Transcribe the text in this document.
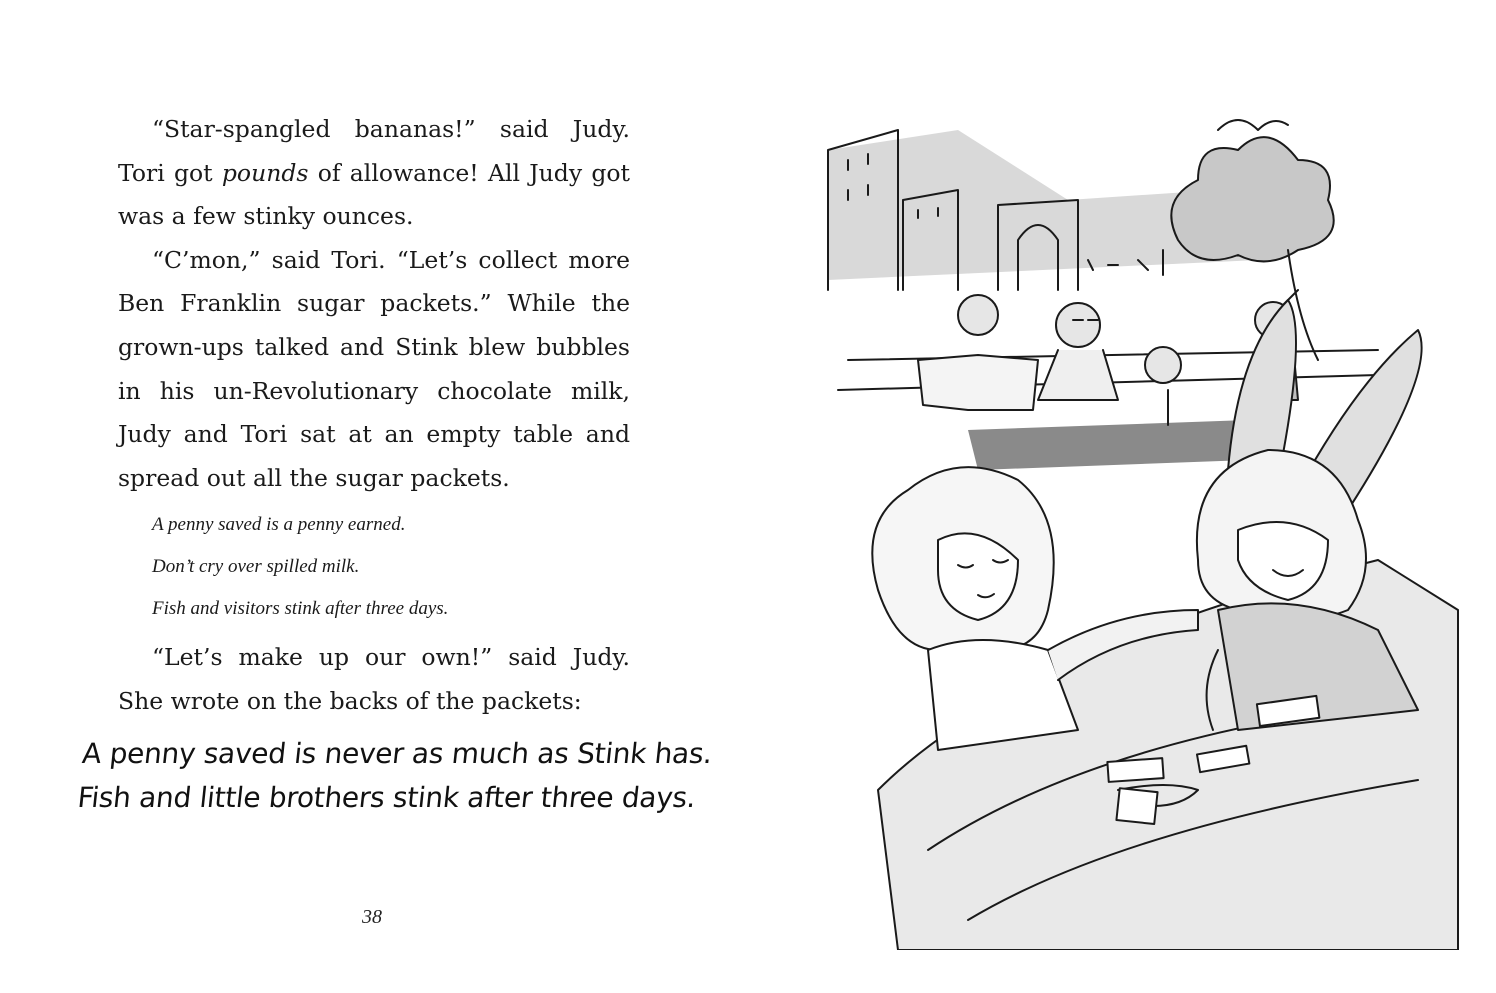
“Star-spangled bananas!” said Judy. Tori got pounds of allowance! All Judy got was a few stinky ounces.

“C’mon,” said Tori. “Let’s collect more Ben Franklin sugar packets.” While the grown-ups talked and Stink blew bubbles in his un-Revolutionary chocolate milk, Judy and Tori sat at an empty table and spread out all the sugar packets.

A penny saved is a penny earned.
Don’t cry over spilled milk.
Fish and visitors stink after three days.

“Let’s make up our own!” said Judy. She wrote on the backs of the packets:

A penny saved is never as much as Stink has.
Fish and little brothers stink after three days.
38
